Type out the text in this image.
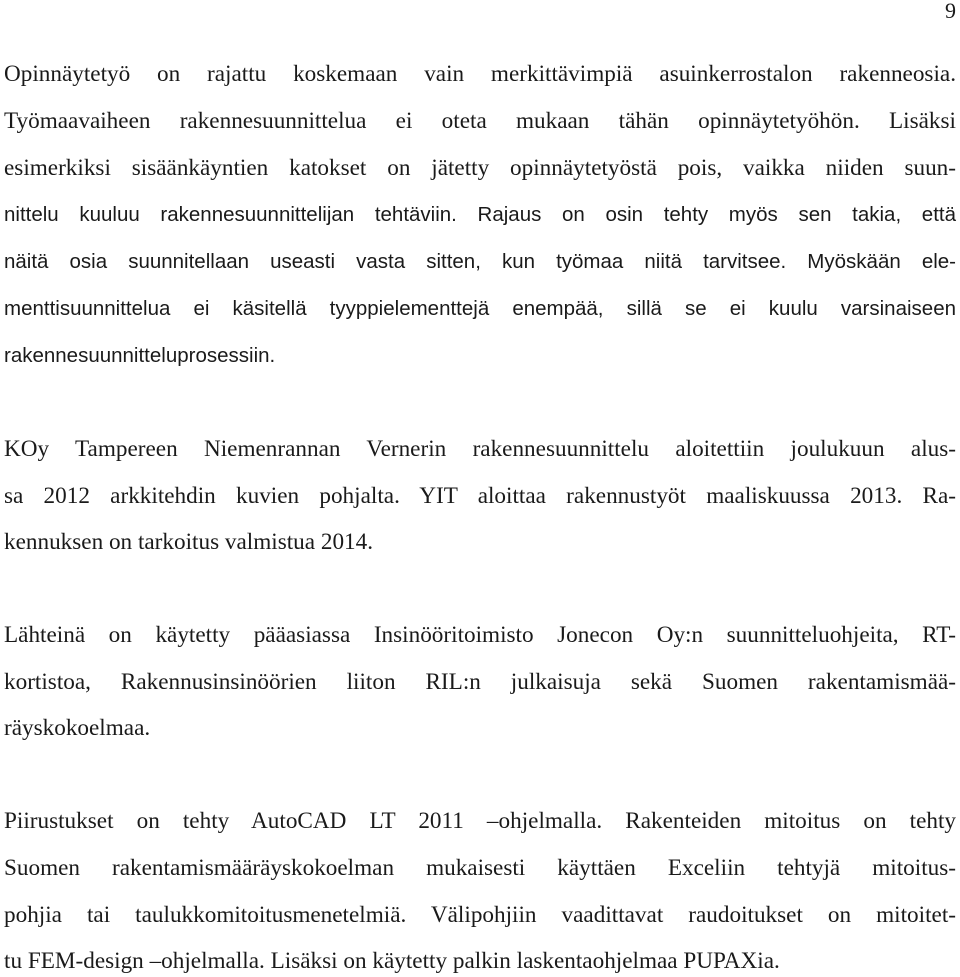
9
Opinnäytetyö on rajattu koskemaan vain merkittävimpiä asuinkerrostalon rakenneosia.
Työmaavaiheen rakennesuunnittelua ei oteta mukaan tähän opinnäytetyöhön. Lisäksi
esimerkiksi sisäänkäyntien katokset on jätetty opinnäytetyöstä pois, vaikka niiden suun-
nittelu kuuluu rakennesuunnittelijan tehtäviin. Rajaus on osin tehty myös sen takia, että
näitä osia suunnitellaan useasti vasta sitten, kun työmaa niitä tarvitsee. Myöskään ele-
menttisuunnittelua ei käsitellä tyyppielementtejä enempää, sillä se ei kuulu varsinaiseen
rakennesuunnitteluprosessiin.
KOy Tampereen Niemenrannan Vernerin rakennesuunnittelu aloitettiin joulukuun alus-
sa 2012 arkkitehdin kuvien pohjalta. YIT aloittaa rakennustyöt maaliskuussa 2013. Ra-
kennuksen on tarkoitus valmistua 2014.
Lähteinä on käytetty pääasiassa Insinööritoimisto Jonecon Oy:n suunnitteluohjeita, RT-
kortistoa, Rakennusinsinöörien liiton RIL:n julkaisuja sekä Suomen rakentamismää-
räyskokoelmaa.
Piirustukset on tehty AutoCAD LT 2011 –ohjelmalla. Rakenteiden mitoitus on tehty
Suomen rakentamismääräyskokoelman mukaisesti käyttäen Exceliin tehtyjä mitoitus-
pohjia tai taulukkomitoitusmenetelmiä. Välipohjiin vaadittavat raudoitukset on mitoitet-
tu FEM-design –ohjelmalla. Lisäksi on käytetty palkin laskentaohjelmaa PUPAXia.
